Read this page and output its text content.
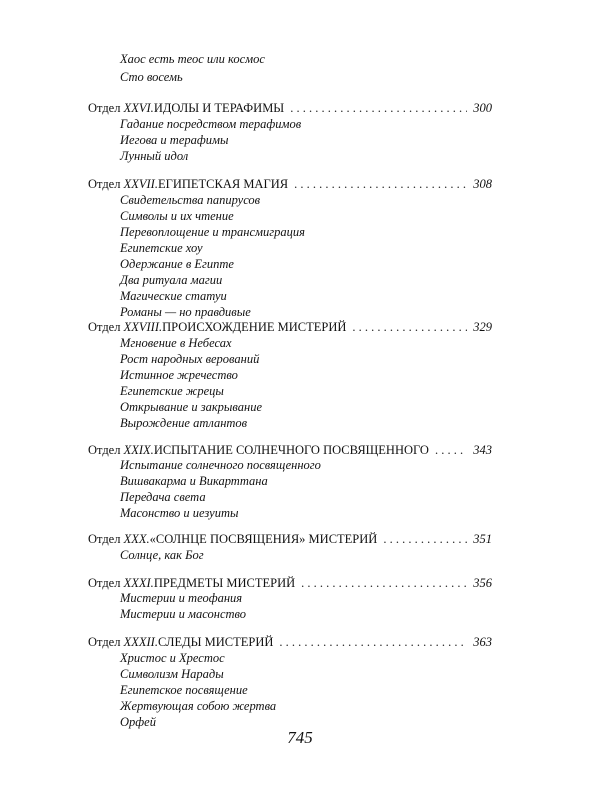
Хаос есть теос или космос
Сто восемь
Отдел XXVI. ИДОЛЫ И ТЕРАФИМЫ . . .	300
Гадание посредством терафимов
Иегова и терафимы
Лунный идол
Отдел XXVII. ЕГИПЕТСКАЯ МАГИЯ . . .	308
Свидетельства папирусов
Символы и их чтение
Перевоплощение и трансмиграция
Египетские хоу
Одержание в Египте
Два ритуала магии
Магические статуи
Романы — но правдивые
Отдел XXVIII. ПРОИСХОЖДЕНИЕ МИСТЕРИЙ . . .	329
Мгновение в Небесах
Рост народных верований
Истинное жречество
Египетские жрецы
Открывание и закрывание
Вырождение атлантов
Отдел XXIX. ИСПЫТАНИЕ СОЛНЕЧНОГО ПОСВЯЩЕННОГО . . .	343
Испытание солнечного посвященного
Вишвакарма и Викарттана
Передача света
Масонство и иезуиты
Отдел XXX. «СОЛНЦЕ ПОСВЯЩЕНИЯ» МИСТЕРИЙ . . .	351
Солнце, как Бог
Отдел XXXI. ПРЕДМЕТЫ МИСТЕРИЙ . . .	356
Мистерии и теофания
Мистерии и масонство
Отдел XXXII. СЛЕДЫ МИСТЕРИЙ . . .	363
Христос и Хрестос
Символизм Нарады
Египетское посвящение
Жертвующая собою жертва
Орфей
745
